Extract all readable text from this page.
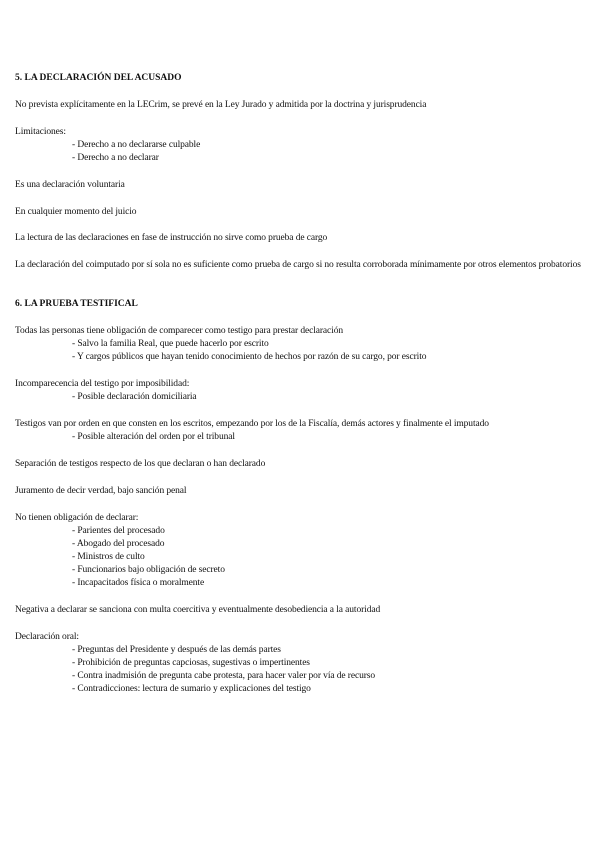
5. LA DECLARACIÓN DEL ACUSADO
No prevista explícitamente en la LECrim, se prevé en la Ley Jurado y admitida por la doctrina y jurisprudencia
Limitaciones:
- Derecho a no declararse culpable
- Derecho a no declarar
Es una declaración voluntaria
En cualquier momento del juicio
La lectura de las declaraciones en fase de instrucción no sirve como prueba de cargo
La declaración del coimputado por sí sola no es suficiente como prueba de cargo si no resulta corroborada mínimamente por otros elementos probatorios
6. LA PRUEBA TESTIFICAL
Todas las personas tiene obligación de comparecer como testigo para prestar declaración
- Salvo la familia Real, que puede hacerlo por escrito
- Y cargos públicos que hayan tenido conocimiento de hechos por razón de su cargo, por escrito
Incomparecencia del testigo por imposibilidad:
- Posible declaración domiciliaria
Testigos van por orden en que consten en los escritos, empezando por los de la Fiscalía, demás actores y finalmente el imputado
- Posible alteración del orden por el tribunal
Separación de testigos respecto de los que declaran o han declarado
Juramento de decir verdad, bajo sanción penal
No tienen obligación de declarar:
- Parientes del procesado
- Abogado del procesado
- Ministros de culto
- Funcionarios bajo obligación de secreto
- Incapacitados física o moralmente
Negativa a declarar se sanciona con multa coercitiva y eventualmente desobediencia a la autoridad
Declaración oral:
- Preguntas del Presidente y después de las demás partes
- Prohibición de preguntas capciosas, sugestivas o impertinentes
- Contra inadmisión de pregunta cabe protesta, para hacer valer por vía de recurso
- Contradicciones: lectura de sumario y explicaciones del testigo
